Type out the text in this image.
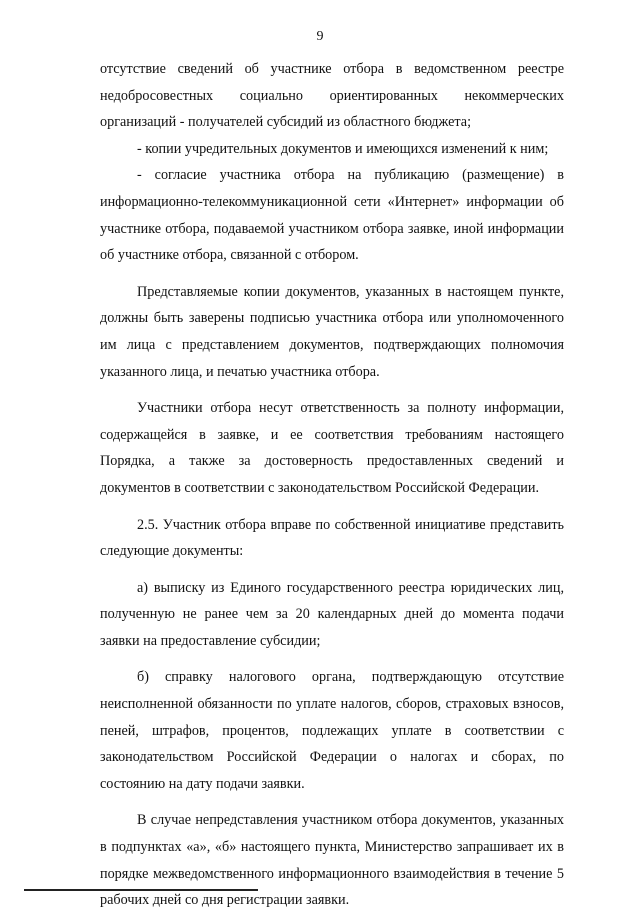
9

отсутствие сведений об участнике отбора в ведомственном реестре недобросовестных социально ориентированных некоммерческих организаций - получателей субсидий из областного бюджета;

- копии учредительных документов и имеющихся изменений к ним;

- согласие участника отбора на публикацию (размещение) в информационно-телекоммуникационной сети «Интернет» информации об участнике отбора, подаваемой участником отбора заявке, иной информации об участнике отбора, связанной с отбором.

Представляемые копии документов, указанных в настоящем пункте, должны быть заверены подписью участника отбора или уполномоченного им лица с представлением документов, подтверждающих полномочия указанного лица, и печатью участника отбора.

Участники отбора несут ответственность за полноту информации, содержащейся в заявке, и ее соответствия требованиям настоящего Порядка, а также за достоверность предоставленных сведений и документов в соответствии с законодательством Российской Федерации.

2.5. Участник отбора вправе по собственной инициативе представить следующие документы:

а) выписку из Единого государственного реестра юридических лиц, полученную не ранее чем за 20 календарных дней до момента подачи заявки на предоставление субсидии;

б) справку налогового органа, подтверждающую отсутствие неисполненной обязанности по уплате налогов, сборов, страховых взносов, пеней, штрафов, процентов, подлежащих уплате в соответствии с законодательством Российской Федерации о налогах и сборах, по состоянию на дату подачи заявки.

В случае непредставления участником отбора документов, указанных в подпунктах «а», «б» настоящего пункта, Министерство запрашивает их в порядке межведомственного информационного взаимодействия в течение 5 рабочих дней со дня регистрации заявки.
